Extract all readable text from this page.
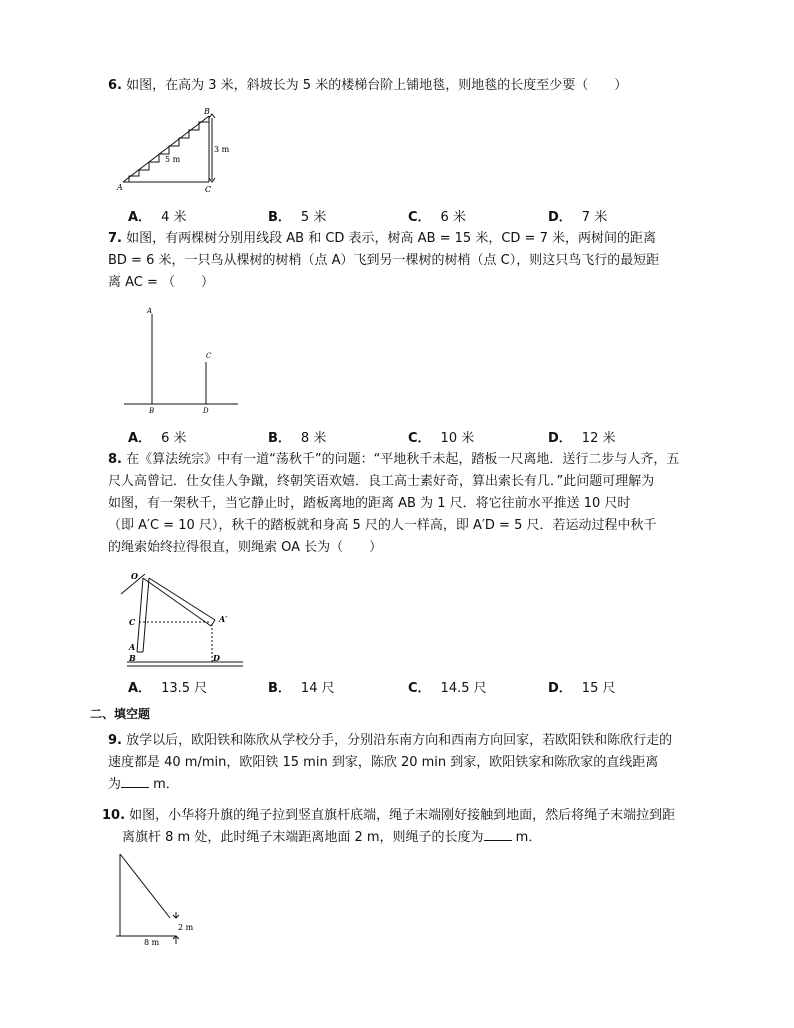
6. 如图，在高为 3 米，斜坡长为 5 米的楼梯台阶上铺地毯，则地毯的长度至少要（　　）
B
A	C
5 m
3 m
A． 4 米	B． 5 米	C． 6 米	D． 7 米
7. 如图，有两棵树分别用线段 AB 和 CD 表示，树高 AB = 15 米，CD = 7 米，两树间的距离
BD = 6 米，一只鸟从棵树的树梢（点 A）飞到另一棵树的树梢（点 C），则这只鸟飞行的最短距
离 AC = （　　）
A
C
B	D
A． 6 米	B． 8 米	C． 10 米	D． 12 米
8. 在《算法统宗》中有一道“荡秋千”的问题：“平地秋千未起，踏板一尺离地．送行二步与人齐，五
尺人高曾记．仕女佳人争蹴，终朝笑语欢嬉．良工高士素好奇，算出索长有几．”此问题可理解为
如图，有一架秋千，当它静止时，踏板离地的距离 AB 为 1 尺．将它往前水平推送 10 尺时
（即 A′C = 10 尺），秋千的踏板就和身高 5 尺的人一样高，即 A′D = 5 尺．若运动过程中秋千
的绳索始终拉得很直，则绳索 OA 长为（　　）
O
C
A
B
A′
D
A． 13.5 尺	B． 14 尺	C． 14.5 尺	D． 15 尺
二、填空题
9. 放学以后，欧阳铁和陈欣从学校分手，分别沿东南方向和西南方向回家，若欧阳铁和陈欣行走的
速度都是 40 m/min，欧阳铁 15 min 到家，陈欣 20 min 到家，欧阳铁家和陈欣家的直线距离
为 m．
10. 如图，小华将升旗的绳子拉到竖直旗杆底端，绳子末端刚好接触到地面，然后将绳子末端拉到距
离旗杆 8 m 处，此时绳子末端距离地面 2 m，则绳子的长度为 m．
2 m
8 m
